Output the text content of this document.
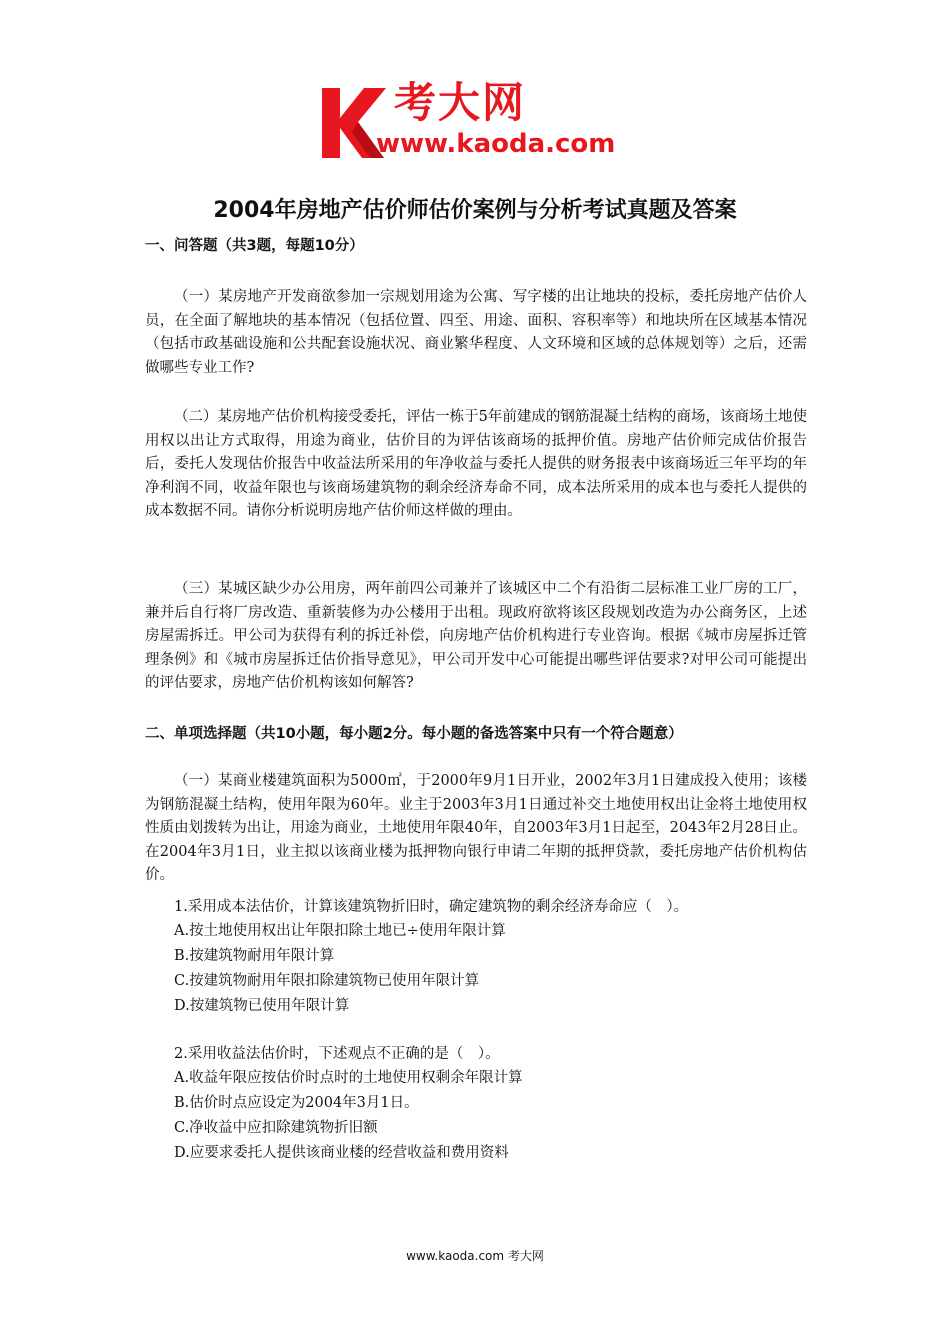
考大网
www.kaoda.com
2004年房地产估价师估价案例与分析考试真题及答案
一、问答题（共3题，每题10分）

（一）某房地产开发商欲参加一宗规划用途为公寓、写字楼的出让地块的投标，委托房地产估价人员，在全面了解地块的基本情况（包括位置、四至、用途、面积、容积率等）和地块所在区域基本情况（包括市政基础设施和公共配套设施状况、商业繁华程度、人文环境和区域的总体规划等）之后，还需做哪些专业工作?

（二）某房地产估价机构接受委托，评估一栋于5年前建成的钢筋混凝土结构的商场，该商场土地使用权以出让方式取得，用途为商业，估价目的为评估该商场的抵押价值。房地产估价师完成估价报告后，委托人发现估价报告中收益法所采用的年净收益与委托人提供的财务报表中该商场近三年平均的年净利润不同，收益年限也与该商场建筑物的剩余经济寿命不同，成本法所采用的成本也与委托人提供的成本数据不同。请你分析说明房地产估价师这样做的理由。

（三）某城区缺少办公用房，两年前四公司兼并了该城区中二个有沿街二层标准工业厂房的工厂，兼并后自行将厂房改造、重新装修为办公楼用于出租。现政府欲将该区段规划改造为办公商务区，上述房屋需拆迁。甲公司为获得有利的拆迁补偿，向房地产估价机构进行专业咨询。根据《城市房屋拆迁管理条例》和《城市房屋拆迁估价指导意见》，甲公司开发中心可能提出哪些评估要求?对甲公司可能提出的评估要求，房地产估价机构该如何解答?

二、单项选择题（共10小题，每小题2分。每小题的备选答案中只有一个符合题意）

（一）某商业楼建筑面积为5000㎡，于2000年9月1日开业，2002年3月1日建成投入使用；该楼为钢筋混凝土结构，使用年限为60年。业主于2003年3月1日通过补交土地使用权出让金将土地使用权性质由划拨转为出让，用途为商业，土地使用年限40年，自2003年3月1日起至，2043年2月28日止。在2004年3月1日，业主拟以该商业楼为抵押物向银行申请二年期的抵押贷款，委托房地产估价机构估价。

1.采用成本法估价，计算该建筑物折旧时，确定建筑物的剩余经济寿命应（　）。
A.按土地使用权出让年限扣除土地已÷使用年限计算
B.按建筑物耐用年限计算
C.按建筑物耐用年限扣除建筑物已使用年限计算
D.按建筑物已使用年限计算
2.采用收益法估价时，下述观点不正确的是（　）。
A.收益年限应按估价时点时的土地使用权剩余年限计算
B.估价时点应设定为2004年3月1日。
C.净收益中应扣除建筑物折旧额
D.应要求委托人提供该商业楼的经营收益和费用资料
www.kaoda.com 考大网
